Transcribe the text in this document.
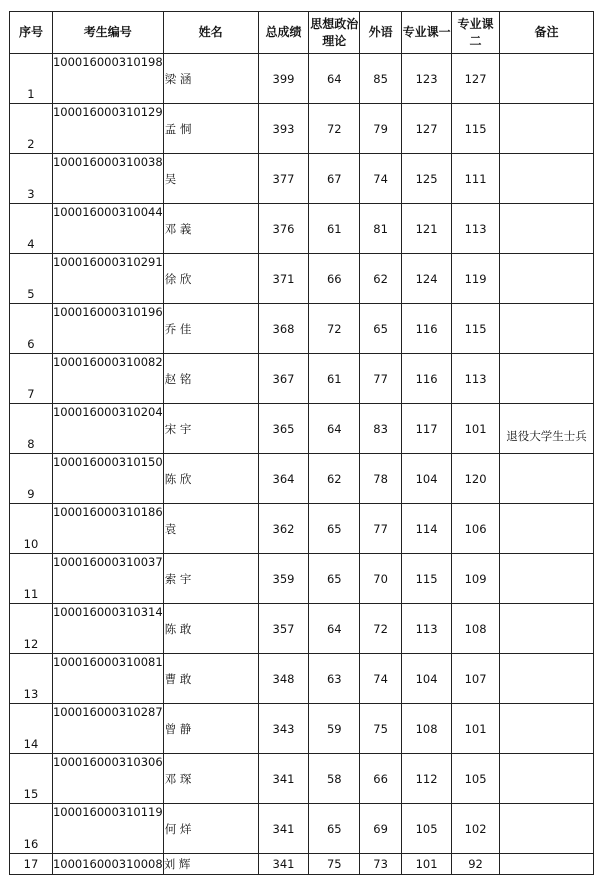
序号	考生编号	姓名	总成绩	思想政治理论	外语	专业课一	专业课二	备注
1	100016000310198	梁 涵	399	64	85	123	127	
2	100016000310129	孟 恫	393	72	79	127	115	
3	100016000310038	吴	377	67	74	125	111	
4	100016000310044	邓 義	376	61	81	121	113	
5	100016000310291	徐 欣	371	66	62	124	119	
6	100016000310196	乔 佳	368	72	65	116	115	
7	100016000310082	赵 铭	367	61	77	116	113	
8	100016000310204	宋 宇	365	64	83	117	101	退役大学生士兵
9	100016000310150	陈 欣	364	62	78	104	120	
10	100016000310186	袁	362	65	77	114	106	
11	100016000310037	索 宇	359	65	70	115	109	
12	100016000310314	陈 敢	357	64	72	113	108	
13	100016000310081	曹 敢	348	63	74	104	107	
14	100016000310287	曾 静	343	59	75	108	101	
15	100016000310306	邓 琛	341	58	66	112	105	
16	100016000310119	何 烊	341	65	69	105	102	
17	100016000310008	刘 辉	341	75	73	101	92	
